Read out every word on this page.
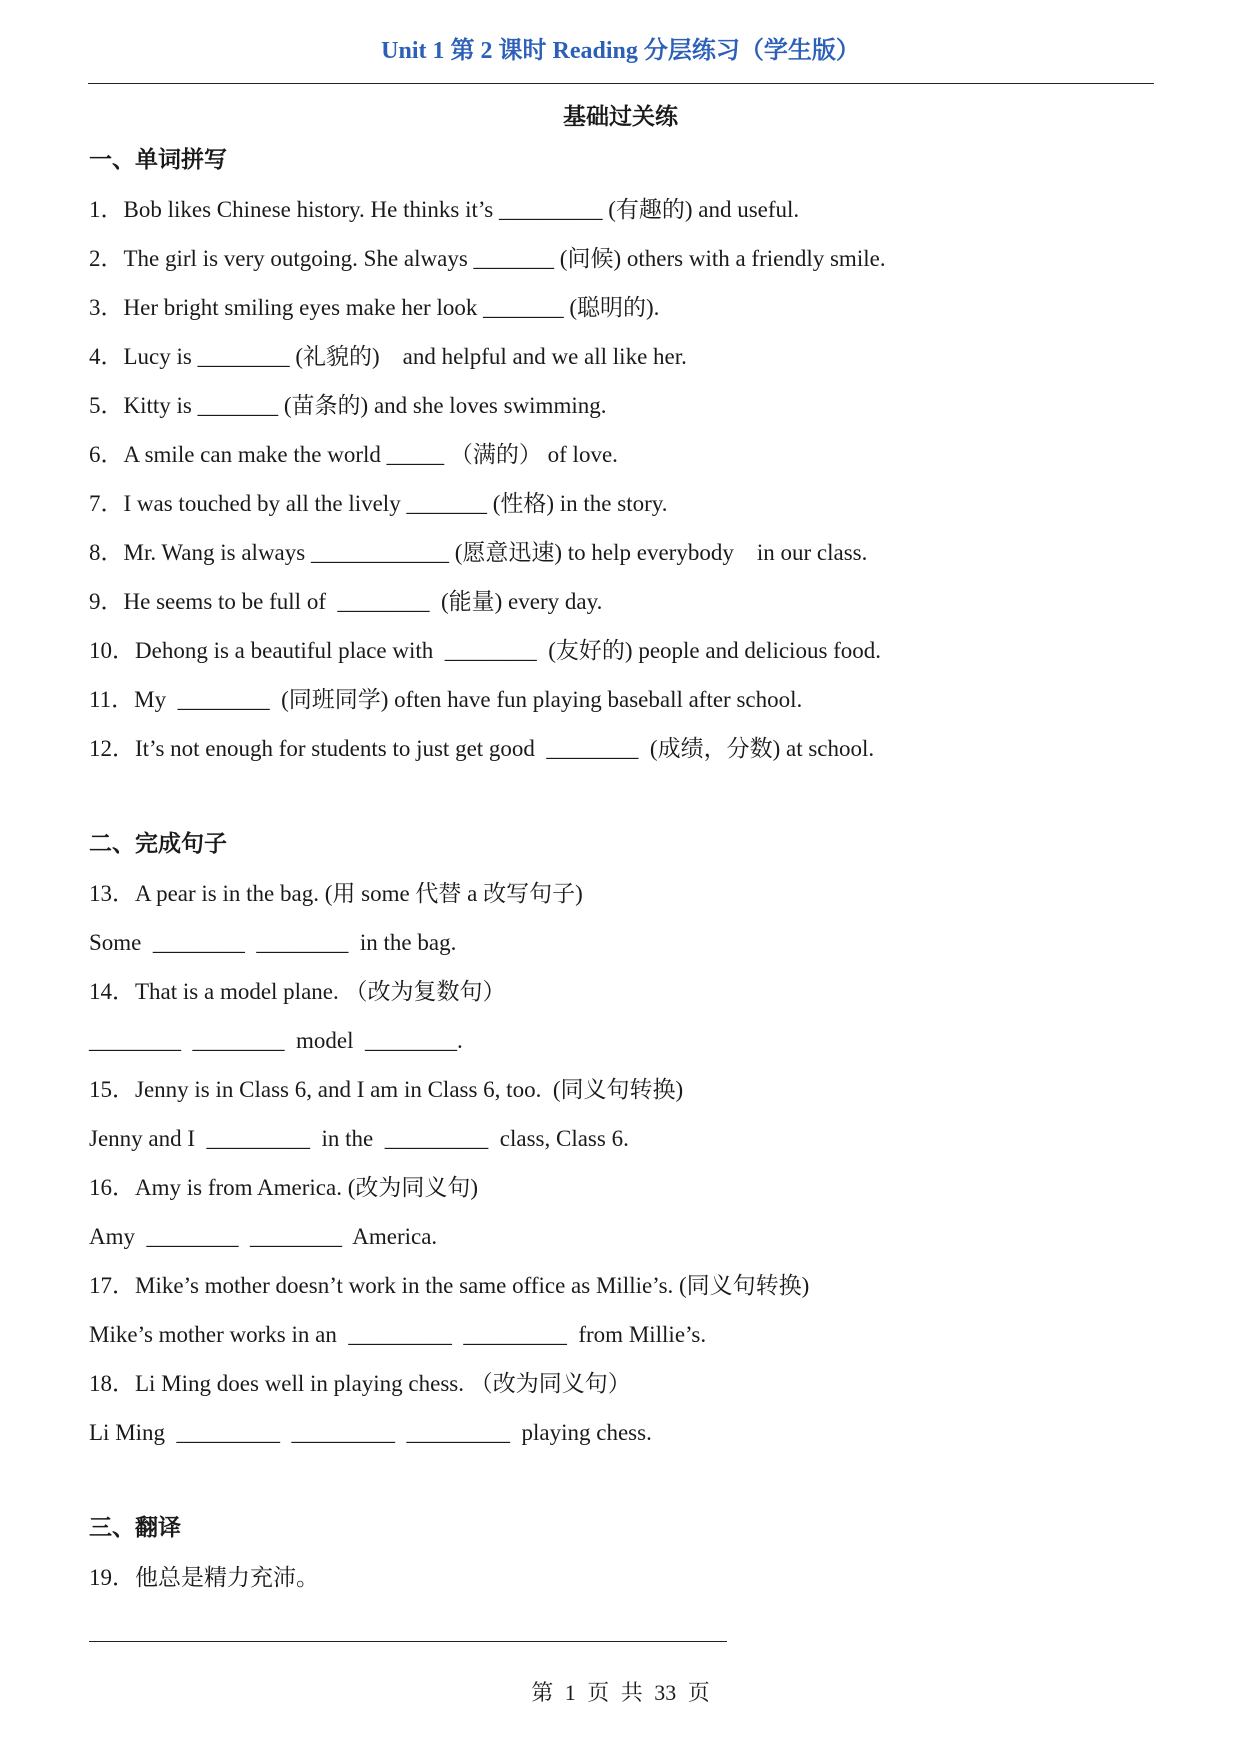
Unit 1 第 2 课时 Reading 分层练习（学生版）
基础过关练
一、单词拼写
1．Bob likes Chinese history. He thinks it’s _________ (有趣的) and useful.
2．The girl is very outgoing. She always _______ (问候) others with a friendly smile.
3．Her bright smiling eyes make her look _______ (聪明的).
4．Lucy is ________ (礼貌的)    and helpful and we all like her.
5．Kitty is _______ (苗条的) and she loves swimming.
6．A smile can make the world _____ （满的） of love.
7．I was touched by all the lively _______ (性格) in the story.
8．Mr. Wang is always ____________ (愿意迅速) to help everybody    in our class.
9．He seems to be full of  ________  (能量) every day.
10．Dehong is a beautiful place with  ________  (友好的) people and delicious food.
11．My  ________  (同班同学) often have fun playing baseball after school.
12．It’s not enough for students to just get good  ________  (成绩，分数) at school.
二、完成句子
13．A pear is in the bag. (用 some 代替 a 改写句子)
Some  ________  ________  in the bag.
14．That is a model plane. （改为复数句）
________  ________  model  ________.
15．Jenny is in Class 6, and I am in Class 6, too.  (同义句转换)
Jenny and I  _________  in the  _________  class, Class 6.
16．Amy is from America. (改为同义句)
Amy  ________  ________  America.
17．Mike’s mother doesn’t work in the same office as Millie’s. (同义句转换)
Mike’s mother works in an  _________  _________  from Millie’s.
18．Li Ming does well in playing chess. （改为同义句）
Li Ming  _________  _________  _________  playing chess.
三、翻译
19．他总是精力充沛。
第 1 页 共 33 页
